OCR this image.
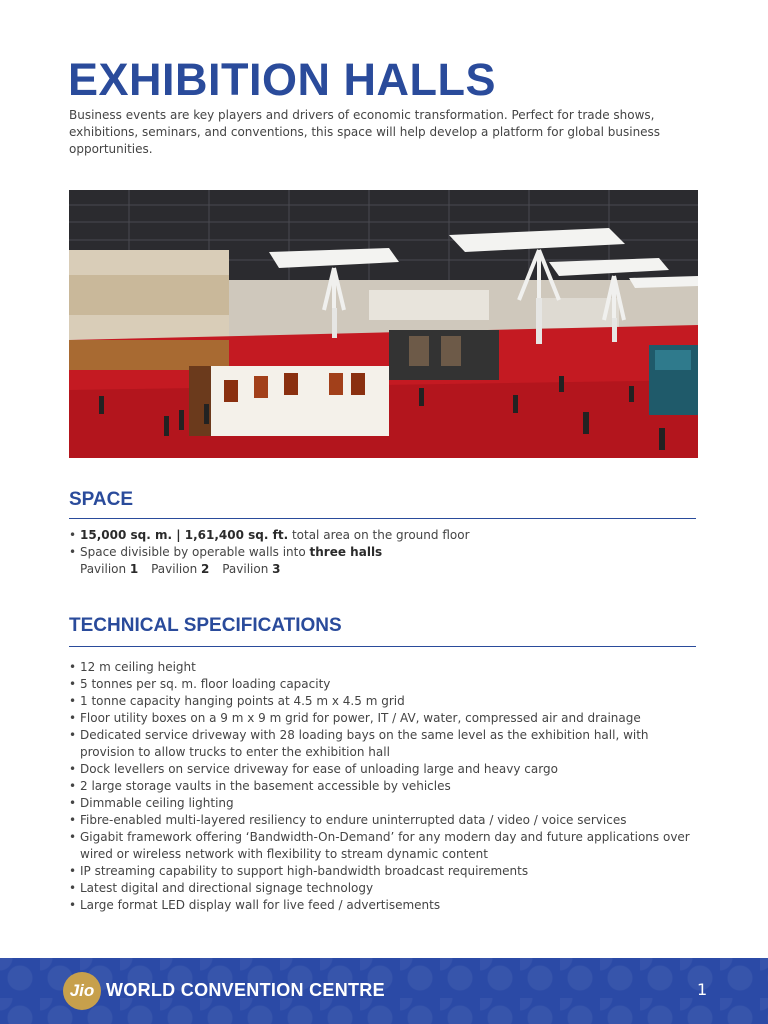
EXHIBITION HALLS

Business events are key players and drivers of economic transformation. Perfect for trade shows, exhibitions, seminars, and conventions, this space will help develop a platform for global business opportunities.

SPACE
• 15,000 sq. m. | 1,61,400 sq. ft. total area on the ground floor
• Space divisible by operable walls into three halls
Pavilion 1 Pavilion 2 Pavilion 3
TECHNICAL SPECIFICATIONS
• 12 m ceiling height
• 5 tonnes per sq. m. floor loading capacity
• 1 tonne capacity hanging points at 4.5 m x 4.5 m grid
• Floor utility boxes on a 9 m x 9 m grid for power, IT / AV, water, compressed air and drainage
• Dedicated service driveway with 28 loading bays on the same level as the exhibition hall, with provision to allow trucks to enter the exhibition hall
• Dock levellers on service driveway for ease of unloading large and heavy cargo
• 2 large storage vaults in the basement accessible by vehicles
• Dimmable ceiling lighting
• Fibre-enabled multi-layered resiliency to endure uninterrupted data / video / voice services
• Gigabit framework offering ‘Bandwidth-On-Demand’ for any modern day and future applications over wired or wireless network with flexibility to stream dynamic content
• IP streaming capability to support high-bandwidth broadcast requirements
• Latest digital and directional signage technology
• Large format LED display wall for live feed / advertisements
Jio WORLD CONVENTION CENTRE	1
